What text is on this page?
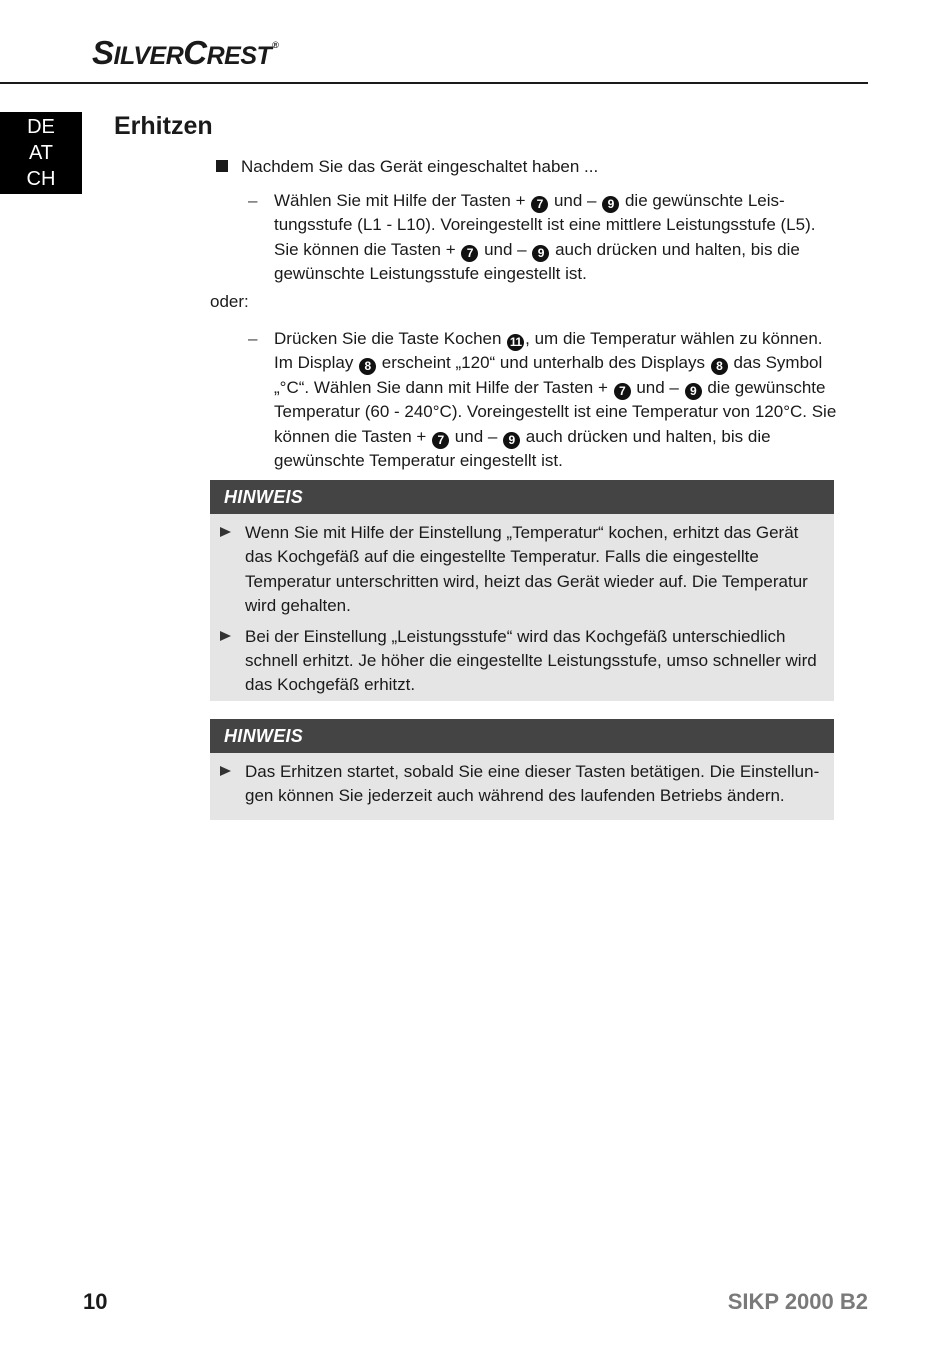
SILVERCREST®
DE
AT
CH
Erhitzen
Nachdem Sie das Gerät eingeschaltet haben ...
– Wählen Sie mit Hilfe der Tasten + 7 und – 9 die gewünschte Leis-tungsstufe (L1 - L10). Voreingestellt ist eine mittlere Leistungsstufe (L5). Sie können die Tasten + 7 und – 9 auch drücken und halten, bis die gewünschte Leistungsstufe eingestellt ist.
oder:
– Drücken Sie die Taste Kochen 11 , um die Temperatur wählen zu können. Im Display 8 erscheint „120“ und unterhalb des Displays 8 das Symbol „°C“. Wählen Sie dann mit Hilfe der Tasten + 7 und – 9 die gewünschte Temperatur (60 - 240°C). Voreingestellt ist eine Temperatur von 120°C. Sie können die Tasten + 7 und – 9 auch drücken und halten, bis die gewünschte Temperatur eingestellt ist.
HINWEIS
Wenn Sie mit Hilfe der Einstellung „Temperatur“ kochen, erhitzt das Gerät das Kochgefäß auf die eingestellte Temperatur. Falls die eingestellte Temperatur unterschritten wird, heizt das Gerät wieder auf. Die Temperatur wird gehalten.
Bei der Einstellung „Leistungsstufe“ wird das Kochgefäß unterschiedlich schnell erhitzt. Je höher die eingestellte Leistungsstufe, umso schneller wird das Kochgefäß erhitzt.
HINWEIS
Das Erhitzen startet, sobald Sie eine dieser Tasten betätigen. Die Einstellun-gen können Sie jederzeit auch während des laufenden Betriebs ändern.
10	SIKP 2000 B2
